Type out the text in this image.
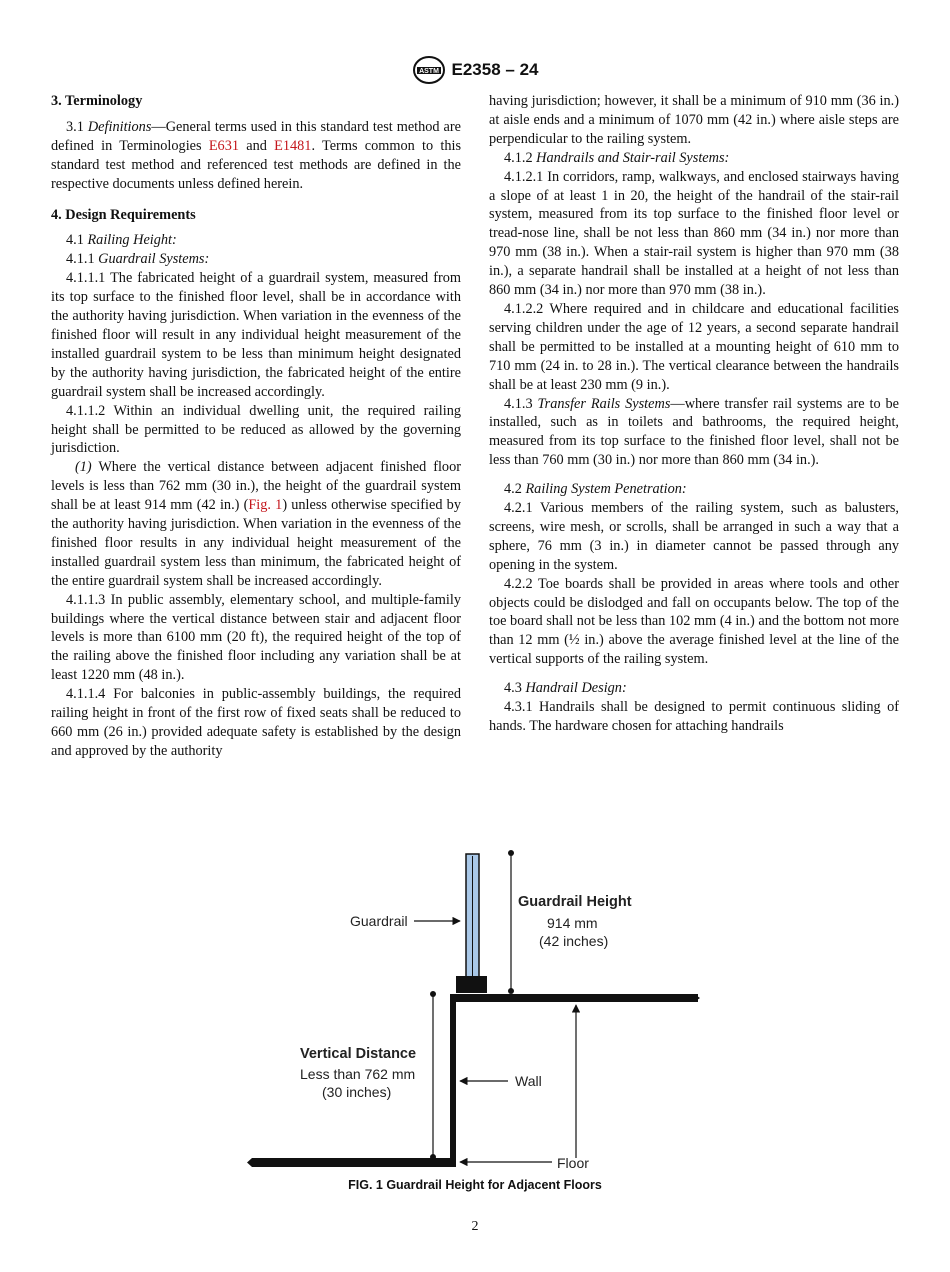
ASTM E2358 – 24

3. Terminology

3.1 Definitions—General terms used in this standard test method are defined in Terminologies E631 and E1481. Terms common to this standard test method and referenced test methods are defined in the respective documents unless defined herein.

4. Design Requirements

4.1 Railing Height:

4.1.1 Guardrail Systems:

4.1.1.1 The fabricated height of a guardrail system, measured from its top surface to the finished floor level, shall be in accordance with the authority having jurisdiction. When variation in the evenness of the finished floor will result in any individual height measurement of the installed guardrail system to be less than minimum height designated by the authority having jurisdiction, the fabricated height of the entire guardrail system shall be increased accordingly.

4.1.1.2 Within an individual dwelling unit, the required railing height shall be permitted to be reduced as allowed by the governing jurisdiction.

(1) Where the vertical distance between adjacent finished floor levels is less than 762 mm (30 in.), the height of the guardrail system shall be at least 914 mm (42 in.) (Fig. 1) unless otherwise specified by the authority having jurisdiction. When variation in the evenness of the finished floor results in any individual height measurement of the installed guardrail system less than minimum, the fabricated height of the entire guardrail system shall be increased accordingly.

4.1.1.3 In public assembly, elementary school, and multiple-family buildings where the vertical distance between stair and adjacent floor levels is more than 6100 mm (20 ft), the required height of the top of the railing above the finished floor including any variation shall be at least 1220 mm (48 in.).

4.1.1.4 For balconies in public-assembly buildings, the required railing height in front of the first row of fixed seats shall be reduced to 660 mm (26 in.) provided adequate safety is established by the design and approved by the authority

having jurisdiction; however, it shall be a minimum of 910 mm (36 in.) at aisle ends and a minimum of 1070 mm (42 in.) where aisle steps are perpendicular to the railing system.

4.1.2 Handrails and Stair-rail Systems:

4.1.2.1 In corridors, ramp, walkways, and enclosed stairways having a slope of at least 1 in 20, the height of the handrail of the stair-rail system, measured from its top surface to the finished floor level or tread-nose line, shall be not less than 860 mm (34 in.) nor more than 970 mm (38 in.). When a stair-rail system is higher than 970 mm (38 in.), a separate handrail shall be installed at a height of not less than 860 mm (34 in.) nor more than 970 mm (38 in.).

4.1.2.2 Where required and in childcare and educational facilities serving children under the age of 12 years, a second separate handrail shall be permitted to be installed at a mounting height of 610 mm to 710 mm (24 in. to 28 in.). The vertical clearance between the handrails shall be at least 230 mm (9 in.).

4.1.3 Transfer Rails Systems—where transfer rail systems are to be installed, such as in toilets and bathrooms, the required height, measured from its top surface to the finished floor level, shall not be less than 760 mm (30 in.) nor more than 860 mm (34 in.).

4.2 Railing System Penetration:

4.2.1 Various members of the railing system, such as balusters, screens, wire mesh, or scrolls, shall be arranged in such a way that a sphere, 76 mm (3 in.) in diameter cannot be passed through any opening in the system.

4.2.2 Toe boards shall be provided in areas where tools and other objects could be dislodged and fall on occupants below. The top of the toe board shall not be less than 102 mm (4 in.) and the bottom not more than 12 mm (½ in.) above the average finished level at the line of the vertical supports of the railing system.

4.3 Handrail Design:

4.3.1 Handrails shall be designed to permit continuous sliding of hands. The hardware chosen for attaching handrails

Guardrail
Guardrail Height
914 mm
(42 inches)
Vertical Distance
Less than 762 mm
(30 inches)
Wall
Floor
FIG. 1 Guardrail Height for Adjacent Floors
2
